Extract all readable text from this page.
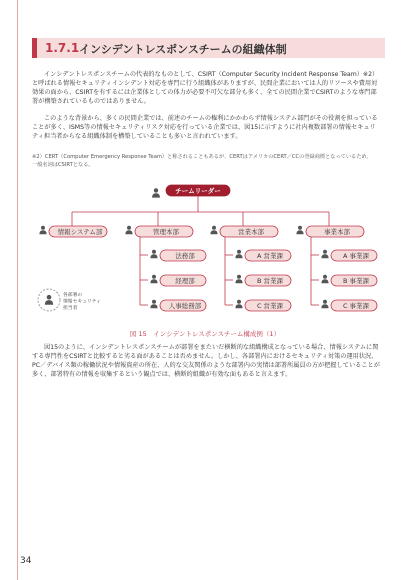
1.7.1 インシデントレスポンスチームの組織体制
インシデントレスポンスチームの代表的なものとして、CSIRT（Computer Security Incident Response Team）※2）と呼ばれる情報セキュリティインシデント対応を専門に行う組織体がありますが、民間企業においては人的リソースや費用対効果の面から、CSIRTを有するには企業体としての体力が必要不可欠な部分も多く、全ての民間企業でCSIRTのような専門部署が構築されているものではありません。
このような背景から、多くの民間企業では、前述のチームの権利にかかわらず情報システム部門がその役割を担っていることが多く、ISMS等の情報セキュリティリスク対応を行っている企業では、図15に示すように社内複数部署の情報セキュリティ担当者からなる組織体制を構築していることも多いと言われています。
※2）CERT（Computer Emergency Response Team）と称されることもあるが、CERTはアメリカのCERT／CCの登録商標となっているため、一般名詞はCSIRTとなる。
チームリーダー
情報システム部	管理本部
法務部
経理部
人事総務部
営業本部
A 営業課
B 営業課
C 営業課
事業本部
A 事業課
B 事業課
C 事業課
各部署の
情報セキュリティ
担当者
図 15　インシデントレスポンスチーム構成例（1）
図15のように、インシデントレスポンスチームが部署をまたいだ横断的な組織構成となっている場合、情報システムに関する専門性をCSIRTと比較すると劣る面があることは否めません。しかし、各部署内におけるセキュリティ対策の運用状況、PC／デバイス類の稼働状況や情報資産の所在、人的な交友関係のような部署内の実情は部署所属員の方が把握していることが多く、部署特有の情報を収集するという観点では、横断的組織が有効な面もあると言えます。
34
